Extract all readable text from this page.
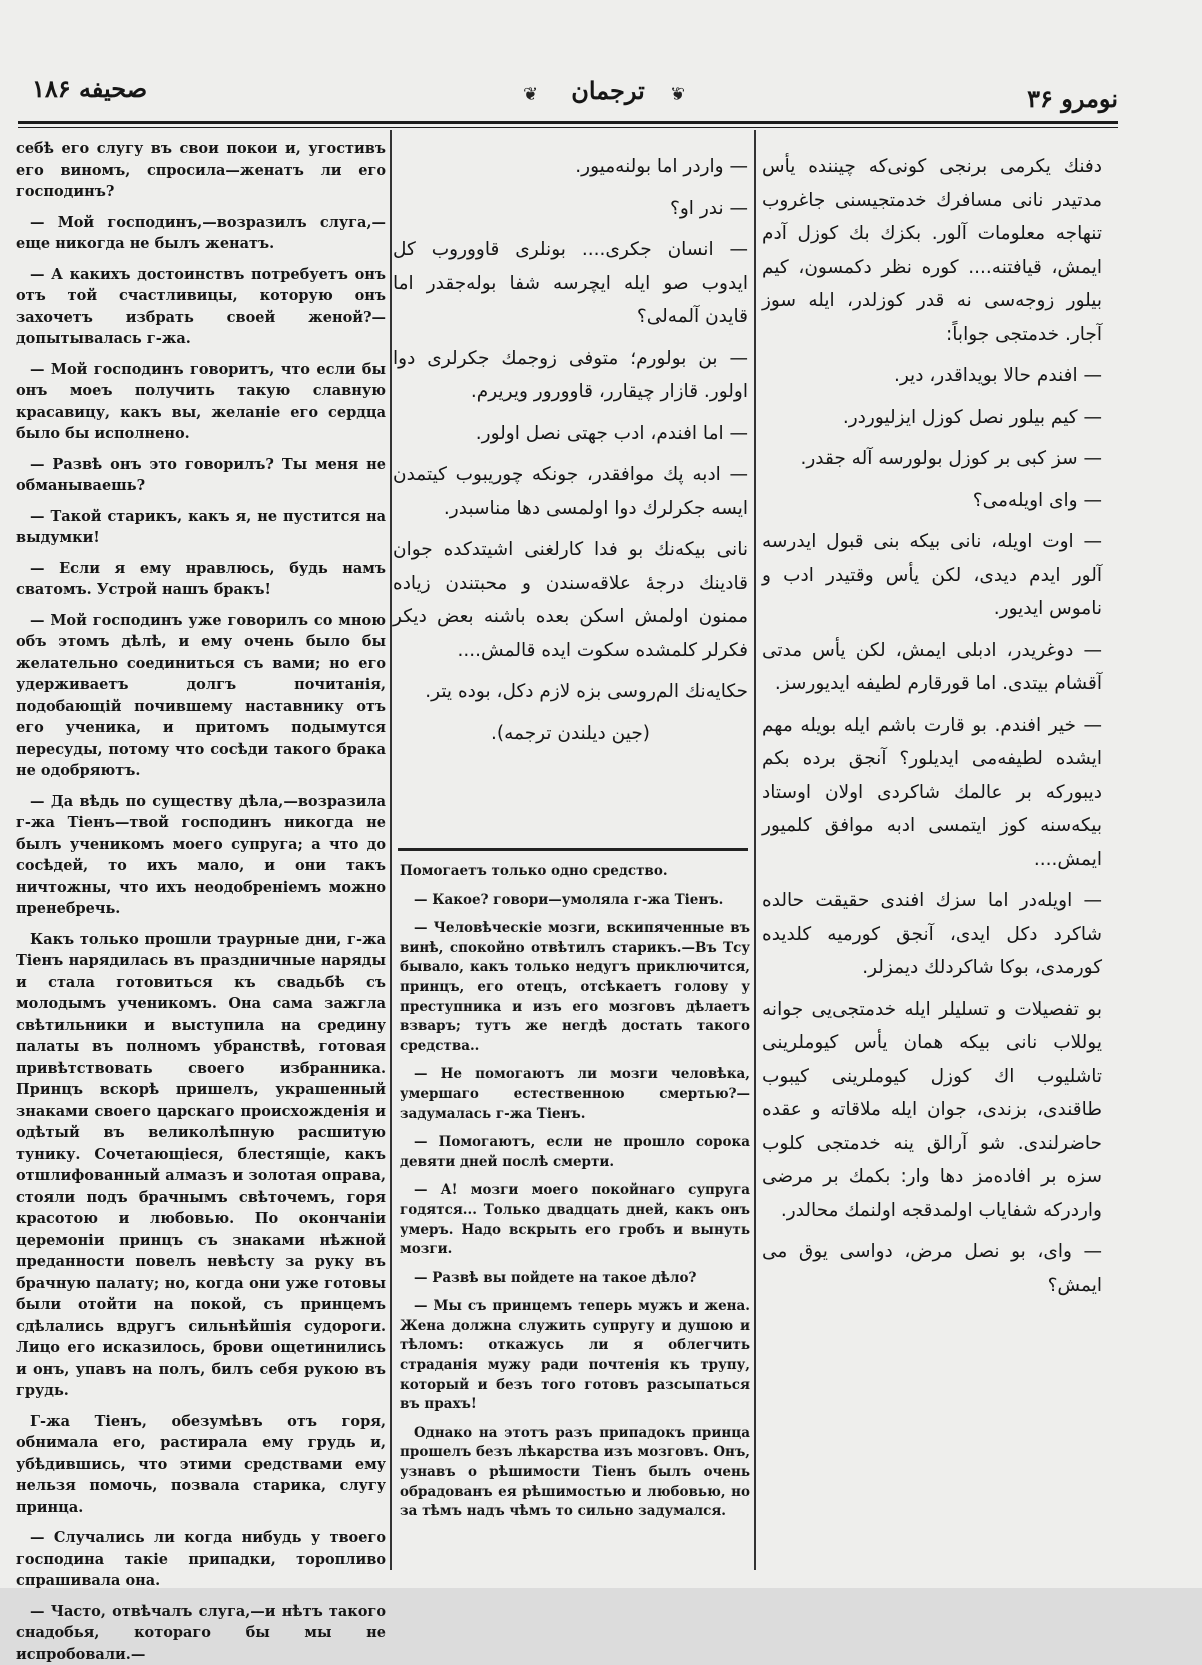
صحیفه ۱۸۶	❦	ترجمان	❦	نومرو ۳۶

себѣ его слугу въ свои покои и, угостивъ его виномъ, спросила—женатъ ли его господинъ?

— Мой господинъ,—возразилъ слуга,—еще никогда не былъ женатъ.

— А какихъ достоинствъ потребуетъ онъ отъ той счастливицы, которую онъ захочетъ избрать своей женой?—допытывалась г-жа.

— Мой господинъ говоритъ, что если бы онъ моеъ получить такую славную красавицу, какъ вы, желаніе его сердца было бы исполнено.

— Развѣ онъ это говорилъ? Ты меня не обманываешь?

— Такой старикъ, какъ я, не пустится на выдумки!

— Если я ему нравлюсь, будь намъ сватомъ. Устрой нашъ бракъ!

— Мой господинъ уже говорилъ со мною объ этомъ дѣлѣ, и ему очень было бы желательно соединиться съ вами; но его удерживаетъ долгъ почитанія, подобающій почившему наставнику отъ его ученика, и притомъ подымутся пересуды, потому что сосѣди такого брака не одобряютъ.

— Да вѣдь по существу дѣла,—возразила г-жа Тіенъ—твой господинъ никогда не былъ ученикомъ моего супруга; а что до сосѣдей, то ихъ мало, и они такъ ничтожны, что ихъ неодобреніемъ можно пренебречь.

Какъ только прошли траурные дни, г-жа Тіенъ нарядилась въ праздничные наряды и стала готовиться къ свадьбѣ съ молодымъ ученикомъ. Она сама зажгла свѣтильники и выступила на средину палаты въ полномъ убранствѣ, готовая привѣтствовать своего избранника. Принцъ вскорѣ пришелъ, украшенный знаками своего царскаго происхожденія и одѣтый въ великолѣпную расшитую тунику. Сочетающіеся, блестящіе, какъ отшлифованный алмазъ и золотая оправа, стояли подъ брачнымъ свѣточемъ, горя красотою и любовью. По окончаніи церемоніи принцъ съ знаками нѣжной преданности повелъ невѣсту за руку въ брачную палату; но, когда они уже готовы были отойти на покой, съ принцемъ сдѣлались вдругъ сильнѣйшія судороги. Лицо его исказилось, брови ощетинились и онъ, упавъ на полъ, билъ себя рукою въ грудь.

Г-жа Тіенъ, обезумѣвъ отъ горя, обнимала его, растирала ему грудь и, убѣдившись, что этими средствами ему нельзя помочь, позвала старика, слугу принца.

— Случались ли когда нибудь у твоего господина такіе припадки, торопливо спрашивала она.

— Часто, отвѣчалъ слуга,—и нѣтъ такого снадобья, котораго бы мы не испробовали.—

— واردر اما بولنه‌میور.

— ندر او؟

— انسان جکری.... بونلری قاووروب کل ایدوب صو ایله ایچرسه شفا بوله‌جقدر اما قایدن آلمه‌لی؟

— بن بولورم؛ متوفی زوجمك جکرلری دوا اولور. قازار چیقارر، قاوورور ویریرم.

— اما افندم، ادب جهتی نصل اولور.

— ادبه پك موافقدر، جونکه چوریبوب کیتمدن ایسه جکرلرك دوا اولمسی دها مناسبدر.

نانی بیکه‌نك بو فدا کارلغنی اشیتدکده جوان قادینك درجهٔ علاقه‌سندن و محبتندن زیاده ممنون اولمش اسکن بعده باشنه بعض دیکر فکرلر کلمشده سکوت ایده قالمش....

حکایه‌نك الم‌روسی بزه لازم دکل، بوده یتر.

(جین دیلندن ترجمه).

Помогаетъ только одно средство.

— Какое? говори—умоляла г-жа Тіенъ.

— Человѣческіе мозги, вскипяченные въ винѣ, спокойно отвѣтилъ старикъ.—Въ Тсу бывало, какъ только недугъ приключится, принцъ, его отецъ, отсѣкаетъ голову у преступника и изъ его мозговъ дѣлаетъ взваръ; тутъ же негдѣ достать такого средства..

— Не помогаютъ ли мозги человѣка, умершаго естественною смертью?—задумалась г-жа Тіенъ.

— Помогаютъ, если не прошло сорока девяти дней послѣ смерти.

— А! мозги моего покойнаго супруга годятся... Только двадцать дней, какъ онъ умеръ. Надо вскрыть его гробъ и вынуть мозги.

— Развѣ вы пойдете на такое дѣло?

— Мы съ принцемъ теперь мужъ и жена. Жена должна служить супругу и душою и тѣломъ: откажусь ли я облегчить страданія мужу ради почтенія къ трупу, который и безъ того готовъ разсыпаться въ прахъ!

Однако на этотъ разъ припадокъ принца прошелъ безъ лѣкарства изъ мозговъ. Онъ, узнавъ о рѣшимости Тіенъ былъ очень обрадованъ ея рѣшимостью и любовью, но за тѣмъ надъ чѣмъ то сильно задумался.

دفنك یکرمی برنجی کونی‌که چیننده یأس مدتیدر نانی مسافرك خدمتجیسنی جاغروب تنهاجه معلومات آلور. بکزك بك کوزل آدم ایمش، قیافتنه.... کوره نظر دکمسون، کیم بیلور زوجه‌سی نه قدر کوزلدر، ایله سوز آجار. خدمتجی جواباً:

— افندم حالا بویداقدر، دیر.

— کیم بیلور نصل کوزل ایزلیوردر.

— سز کبی بر کوزل بولورسه آله جقدر.

— وای اویله‌می؟

— اوت اویله، نانی بیکه بنی قبول ایدرسه آلور ایدم دیدی، لکن یأس وقتیدر ادب و ناموس ایدیور.

— دوغریدر، ادبلی ایمش، لکن یأس مدتی آقشام بیتدی. اما قورقارم لطیفه ایدیورسز.

— خیر افندم. بو قارت باشم ایله بویله مهم ایشده لطیفه‌می ایدیلور؟ آنجق برده بکم دیبورکه بر عالمك شاکردی اولان اوستاد بیکه‌سنه کوز ایتمسی ادبه موافق کلمیور ایمش....

— اویله‌در اما سزك افندی حقیقت حالده شاکرد دکل ایدی، آنجق کورمیه کلدیده کورمدی، بوکا شاکردلك دیمزلر.

بو تفصیلات و تسلیلر ایله خدمتجی‌یی جوانه یوللاب نانی بیکه همان یأس کیوملرینی تاشلیوب اك کوزل کیوملرینی کیبوب طاقندی، بزندی، جوان ایله ملاقاته و عقده حاضرلندی. شو آرالق ینه خدمتجی کلوب سزه بر افاده‌مز دها وار: بکمك بر مرضی واردرکه شفایاب اولمدقجه اولنمك محالدر.

— وای، بو نصل مرض، دواسی یوق می ایمش؟
